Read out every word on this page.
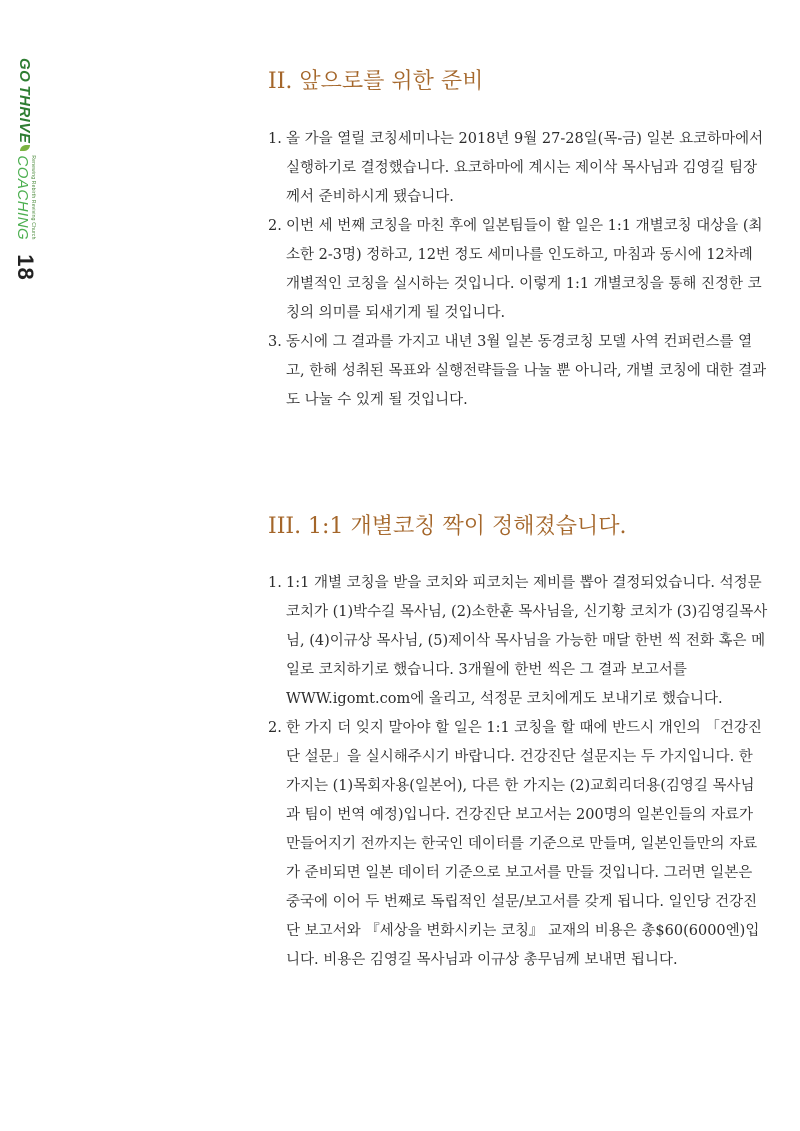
GO
THRIVE
Renewing Rebirth Reviving Church
COACHING
18
II. 앞으로를 위한 준비
1. 올 가을 열릴 코칭세미나는 2018년 9월 27-28일(목-금) 일본 요코하마에서 실행하기로 결정했습니다. 요코하마에 계시는 제이삭 목사님과 김영길 팀장께서 준비하시게 됐습니다.
2. 이번 세 번째 코칭을 마친 후에 일본팀들이 할 일은 1:1 개별코칭 대상을 (최소한 2-3명) 정하고, 12번 정도 세미나를 인도하고, 마침과 동시에 12차례 개별적인 코칭을 실시하는 것입니다. 이렇게 1:1 개별코칭을 통해 진정한 코칭의 의미를 되새기게 될 것입니다.
3. 동시에 그 결과를 가지고 내년 3월 일본 동경코칭 모델 사역 컨퍼런스를 열고, 한해 성취된 목표와 실행전략들을 나눌 뿐 아니라, 개별 코칭에 대한 결과도 나눌 수 있게 될 것입니다.
III. 1:1 개별코칭 짝이 정해졌습니다.
1. 1:1 개별 코칭을 받을 코치와 피코치는 제비를 뽑아 결정되었습니다. 석정문 코치가 (1)박수길 목사님, (2)소한훈 목사님을, 신기황 코치가 (3)김영길목사님, (4)이규상 목사님, (5)제이삭 목사님을 가능한 매달 한번 씩 전화 혹은 메일로 코치하기로 했습니다. 3개월에 한번 씩은 그 결과 보고서를 WWW.igomt.com에 올리고, 석정문 코치에게도 보내기로 했습니다.
2. 한 가지 더 잊지 말아야 할 일은 1:1 코칭을 할 때에 반드시 개인의 「건강진단 설문」을 실시해주시기 바랍니다. 건강진단 설문지는 두 가지입니다. 한 가지는 (1)목회자용(일본어), 다른 한 가지는 (2)교회리더용(김영길 목사님과 팀이 번역 예정)입니다. 건강진단 보고서는 200명의 일본인들의 자료가 만들어지기 전까지는 한국인 데이터를 기준으로 만들며, 일본인들만의 자료가 준비되면 일본 데이터 기준으로 보고서를 만들 것입니다. 그러면 일본은 중국에 이어 두 번째로 독립적인 설문/보고서를 갖게 됩니다. 일인당 건강진단 보고서와 『세상을 변화시키는 코칭』 교재의 비용은 총$60(6000엔)입니다. 비용은 김영길 목사님과 이규상 총무님께 보내면 됩니다.
